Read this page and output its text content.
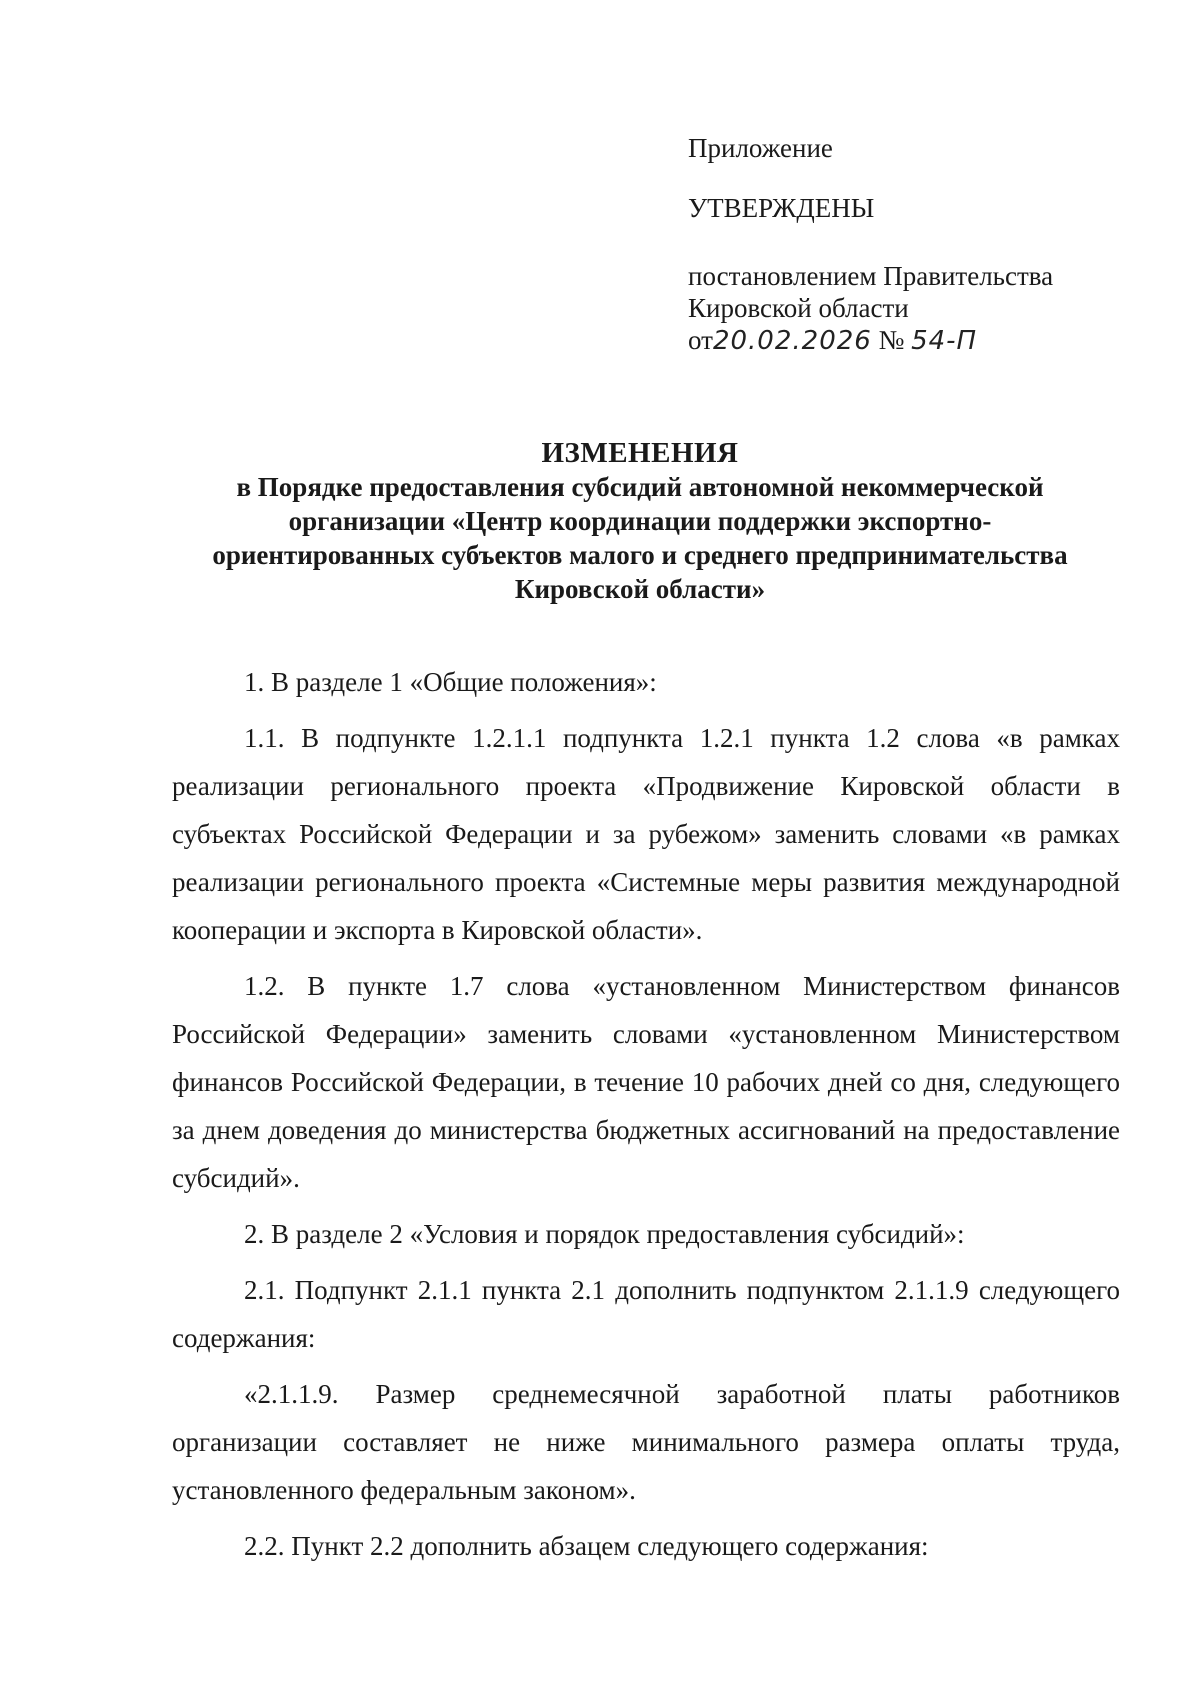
Приложение
УТВЕРЖДЕНЫ
постановлением Правительства
Кировской области
от20.02.2026 № 54-П
ИЗМЕНЕНИЯ
в Порядке предоставления субсидий автономной некоммерческой
организации «Центр координации поддержки экспортно-
ориентированных субъектов малого и среднего предпринимательства
Кировской области»

1. В разделе 1 «Общие положения»:

1.1. В подпункте 1.2.1.1 подпункта 1.2.1 пункта 1.2 слова «в рамках реализации регионального проекта «Продвижение Кировской области в субъектах Российской Федерации и за рубежом» заменить словами «в рамках реализации регионального проекта «Системные меры развития международной кооперации и экспорта в Кировской области».

1.2. В пункте 1.7 слова «установленном Министерством финансов Российской Федерации» заменить словами «установленном Министерством финансов Российской Федерации, в течение 10 рабочих дней со дня, следующего за днем доведения до министерства бюджетных ассигнований на предоставление субсидий».

2. В разделе 2 «Условия и порядок предоставления субсидий»:

2.1. Подпункт 2.1.1 пункта 2.1 дополнить подпунктом 2.1.1.9 следующего содержания:

«2.1.1.9. Размер среднемесячной заработной платы работников организации составляет не ниже минимального размера оплаты труда, установленного федеральным законом».

2.2. Пункт 2.2 дополнить абзацем следующего содержания:
